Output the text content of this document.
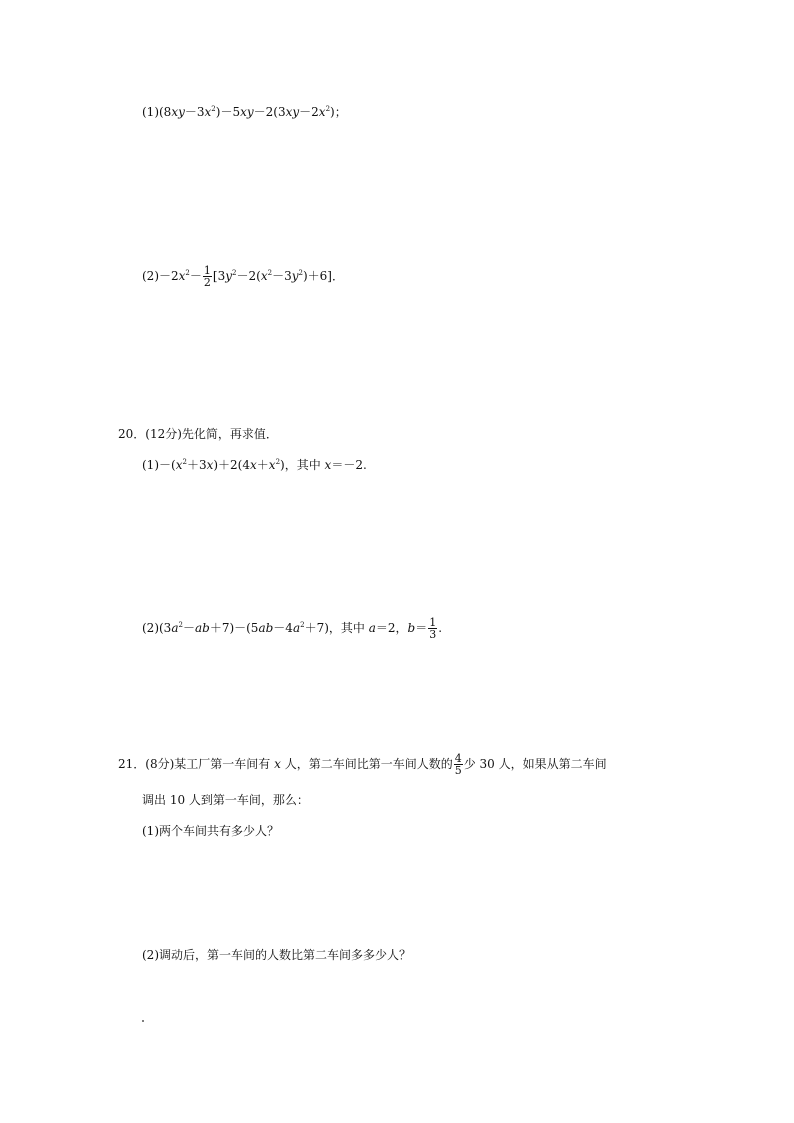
$(1)(8xy-3x^2)-5xy-2(3xy-2x^2)$；
$(2)-2x^2- \frac{1}{2} [3y^2-2(x^2-3y^2)+6]$．
20．(12分)先化简，再求值．
$(1)-(x^2+3x)+2(4x+x^2)$，其中 x＝－2.
$(2)(3a^2-ab+7)-(5ab-4a^2+7)$，其中 a＝2，$b= \frac{1}{3}$ .
21．(8分)某工厂第一车间有 x 人，第二车间比第一车间人数的 $\frac{4}{5}$ 少 30 人，如果从第二车间
调出 10 人到第一车间，那么：
(1)两个车间共有多少人？
(2)调动后，第一车间的人数比第二车间多多少人？
